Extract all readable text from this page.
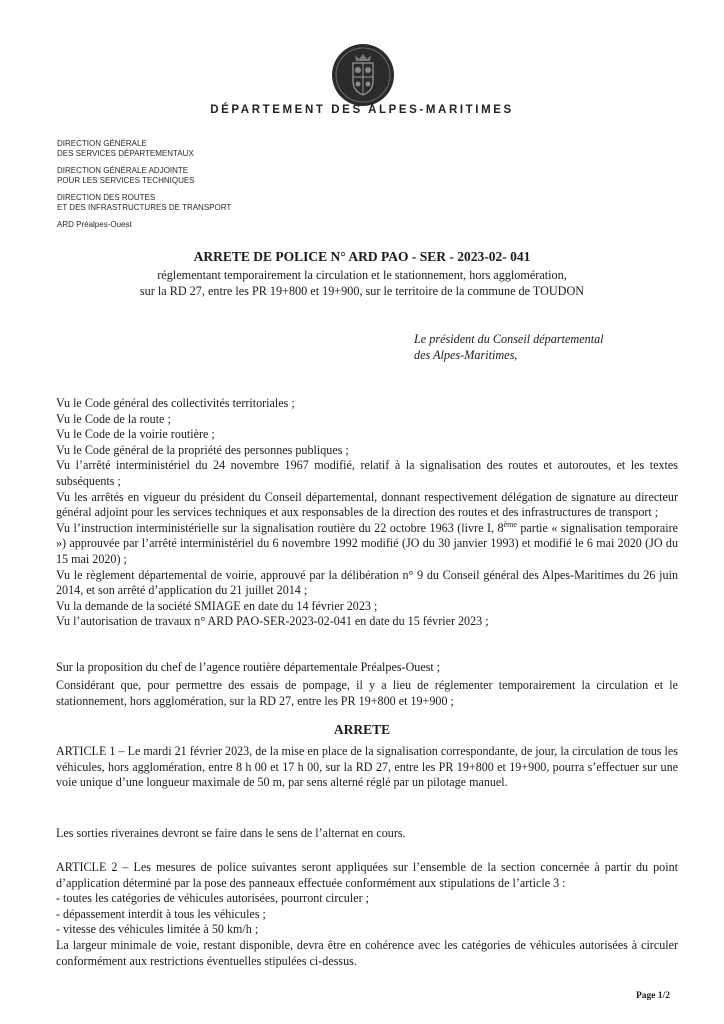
DÉPARTEMENT DES ALPES-MARITIMES
DIRECTION GÉNÉRALE
DES SERVICES DÉPARTEMENTAUX
DIRECTION GÉNÉRALE ADJOINTE
POUR LES SERVICES TECHNIQUES
DIRECTION DES ROUTES
ET DES INFRASTRUCTURES DE TRANSPORT
ARD Préalpes-Ouest
ARRETE DE POLICE N° ARD PAO - SER - 2023-02- 041
réglementant temporairement la circulation et le stationnement, hors agglomération,
sur la RD 27, entre les PR 19+800 et 19+900, sur le territoire de la commune de TOUDON
Le président du Conseil départemental
des Alpes-Maritimes,

Vu le Code général des collectivités territoriales ;

Vu le Code de la route ;

Vu le Code de la voirie routière ;

Vu le Code général de la propriété des personnes publiques ;

Vu l’arrêté interministériel du 24 novembre 1967 modifié, relatif à la signalisation des routes et autoroutes, et les textes subséquents ;

Vu les arrêtés en vigueur du président du Conseil départemental, donnant respectivement délégation de signature au directeur général adjoint pour les services techniques et aux responsables de la direction des routes et des infrastructures de transport ;

Vu l’instruction interministérielle sur la signalisation routière du 22 octobre 1963 (livre I, 8ème partie « signalisation temporaire ») approuvée par l’arrêté interministériel du 6 novembre 1992 modifié (JO du 30 janvier 1993) et modifié le 6 mai 2020 (JO du 15 mai 2020) ;

Vu le règlement départemental de voirie, approuvé par la délibération n° 9 du Conseil général des Alpes-Maritimes du 26 juin 2014, et son arrêté d’application du 21 juillet 2014 ;

Vu la demande de la société SMIAGE en date du 14 février 2023 ;

Vu l’autorisation de travaux n° ARD PAO-SER-2023-02-041 en date du 15 février 2023 ;

Sur la proposition du chef de l’agence routière départementale Préalpes-Ouest ;
Considérant que, pour permettre des essais de pompage, il y a lieu de réglementer temporairement la circulation et le stationnement, hors agglomération, sur la RD 27, entre les PR 19+800 et 19+900 ;
ARRETE
ARTICLE 1 – Le mardi 21 février 2023, de la mise en place de la signalisation correspondante, de jour, la circulation de tous les véhicules, hors agglomération, entre 8 h 00 et 17 h 00, sur la RD 27, entre les PR 19+800 et 19+900, pourra s’effectuer sur une voie unique d’une longueur maximale de 50 m, par sens alterné réglé par un pilotage manuel.
Les sorties riveraines devront se faire dans le sens de l’alternat en cours.

ARTICLE 2 – Les mesures de police suivantes seront appliquées sur l’ensemble de la section concernée à partir du point d’application déterminé par la pose des panneaux effectuée conformément aux stipulations de l’article 3 :

- toutes les catégories de véhicules autorisées, pourront circuler ;

- dépassement interdit à tous les véhicules ;

- vitesse des véhicules limitée à 50 km/h ;

La largeur minimale de voie, restant disponible, devra être en cohérence avec les catégories de véhicules autorisées à circuler conformément aux restrictions éventuelles stipulées ci-dessus.

Page 1/2
